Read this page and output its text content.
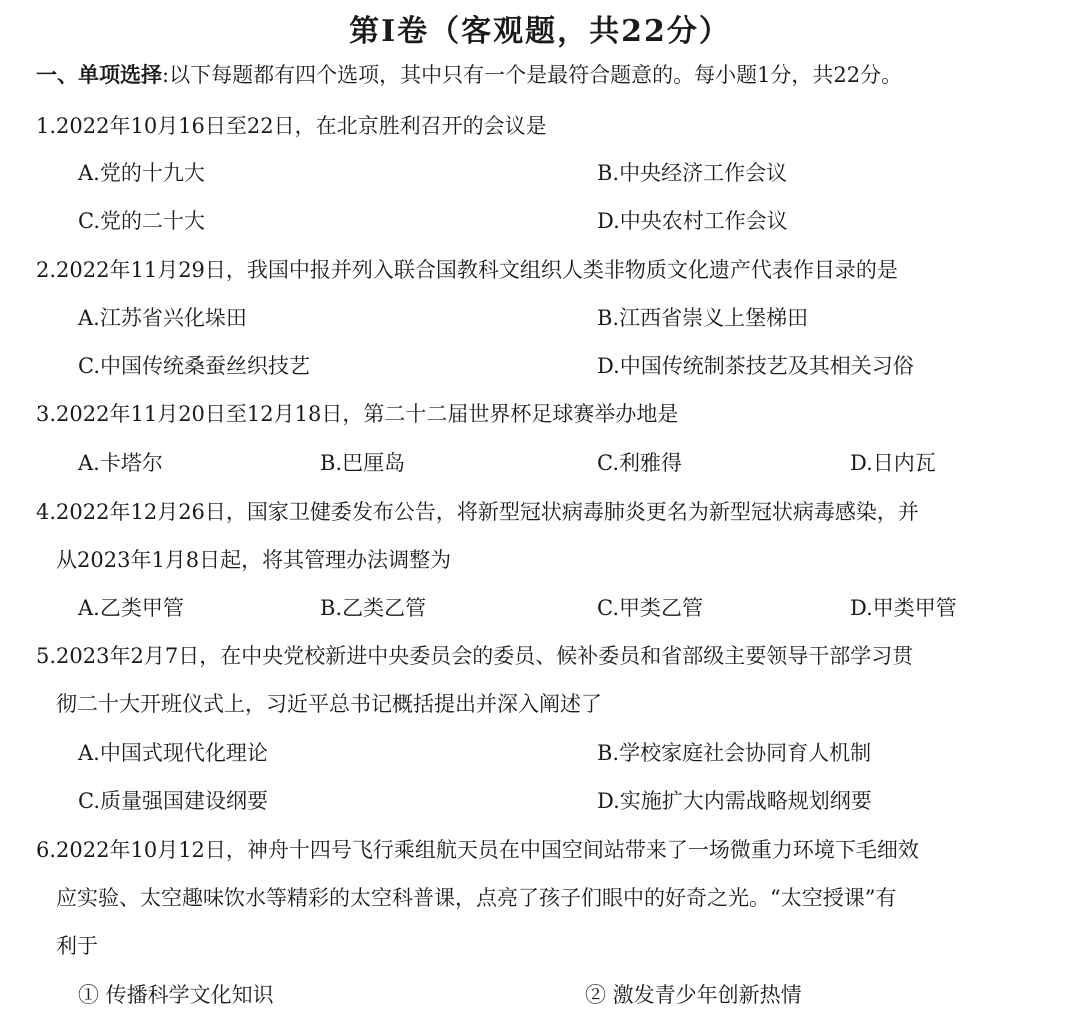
第Ⅰ卷（客观题，共22分）
一、单项选择:以下每题都有四个选项，其中只有一个是最符合题意的。每小题1分，共22分。
1.2022年10月16日至22日，在北京胜利召开的会议是
A.党的十九大	B.中央经济工作会议
C.党的二十大	D.中央农村工作会议
2.2022年11月29日，我国中报并列入联合国教科文组织人类非物质文化遗产代表作目录的是
A.江苏省兴化垛田	B.江西省崇义上堡梯田
C.中国传统桑蚕丝织技艺	D.中国传统制茶技艺及其相关习俗
3.2022年11月20日至12月18日，第二十二届世界杯足球赛举办地是
A.卡塔尔	B.巴厘岛	C.利雅得	D.日内瓦
4.2022年12月26日，国家卫健委发布公告，将新型冠状病毒肺炎更名为新型冠状病毒感染，并
从2023年1月8日起，将其管理办法调整为
A.乙类甲管	B.乙类乙管	C.甲类乙管	D.甲类甲管
5.2023年2月7日，在中央党校新进中央委员会的委员、候补委员和省部级主要领导干部学习贯
彻二十大开班仪式上，习近平总书记概括提出并深入阐述了
A.中国式现代化理论	B.学校家庭社会协同育人机制
C.质量强国建设纲要	D.实施扩大内需战略规划纲要
6.2022年10月12日，神舟十四号飞行乘组航天员在中国空间站带来了一场微重力环境下毛细效
应实验、太空趣味饮水等精彩的太空科普课，点亮了孩子们眼中的好奇之光。“太空授课”有
利于
① 传播科学文化知识	② 激发青少年创新热情
